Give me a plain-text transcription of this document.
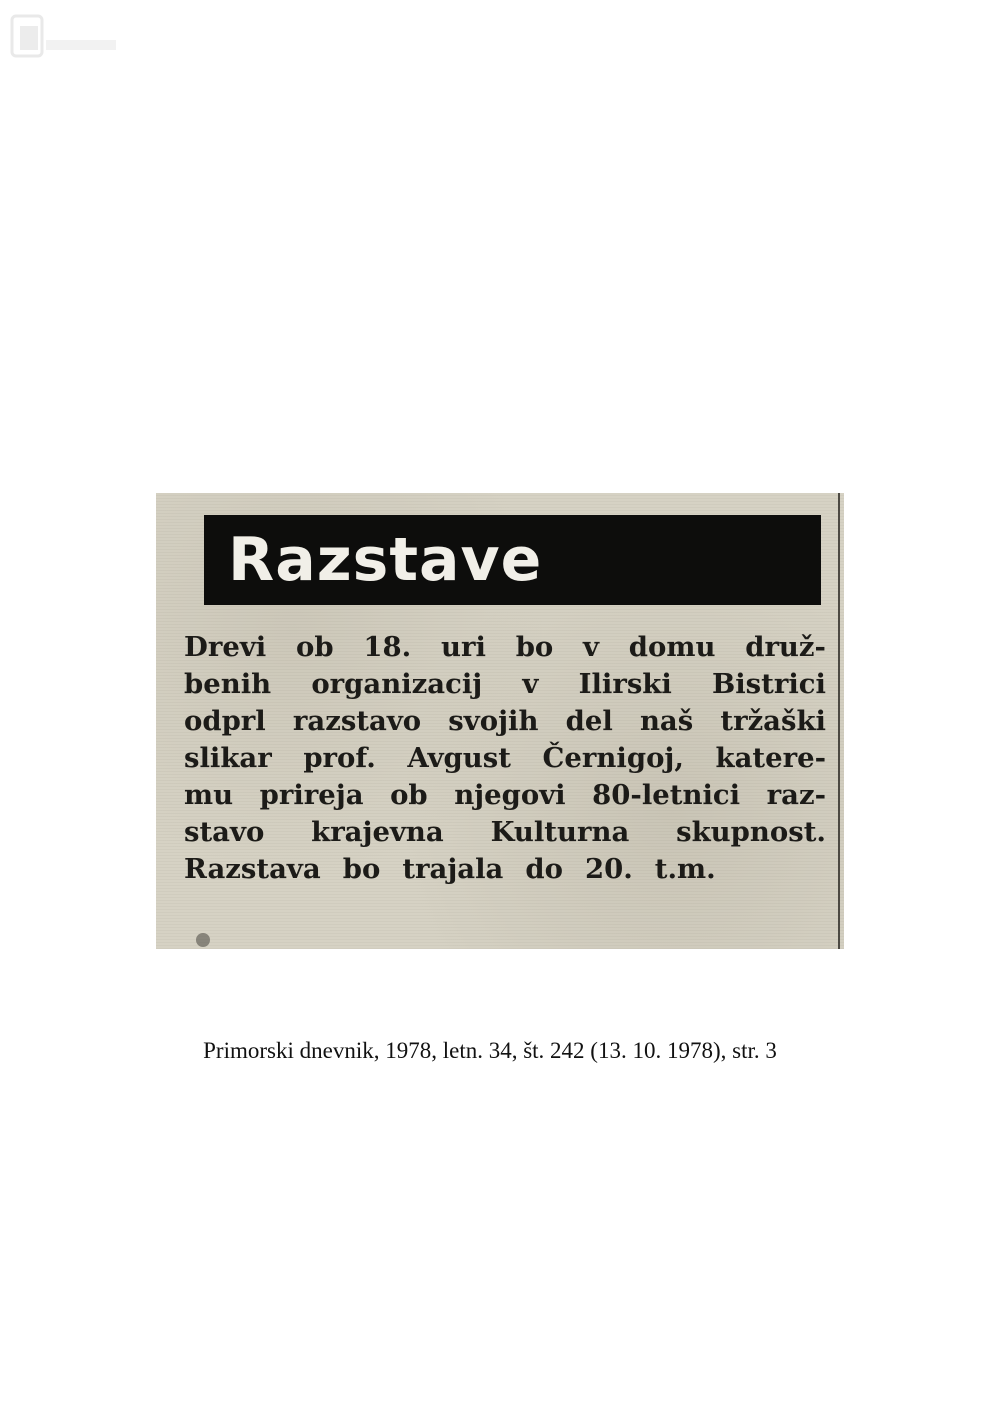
Razstave
Drevi ob 18. uri bo v domu druž-
benih organizacij v Ilirski Bistrici
odprl razstavo svojih del naš tržaški
slikar prof. Avgust Černigoj, katere-
mu prireja ob njegovi 80-letnici raz-
stavo krajevna Kulturna skupnost.
Razstava bo trajala do 20. t.m.
Primorski dnevnik, 1978, letn. 34, št. 242 (13. 10. 1978), str. 3
